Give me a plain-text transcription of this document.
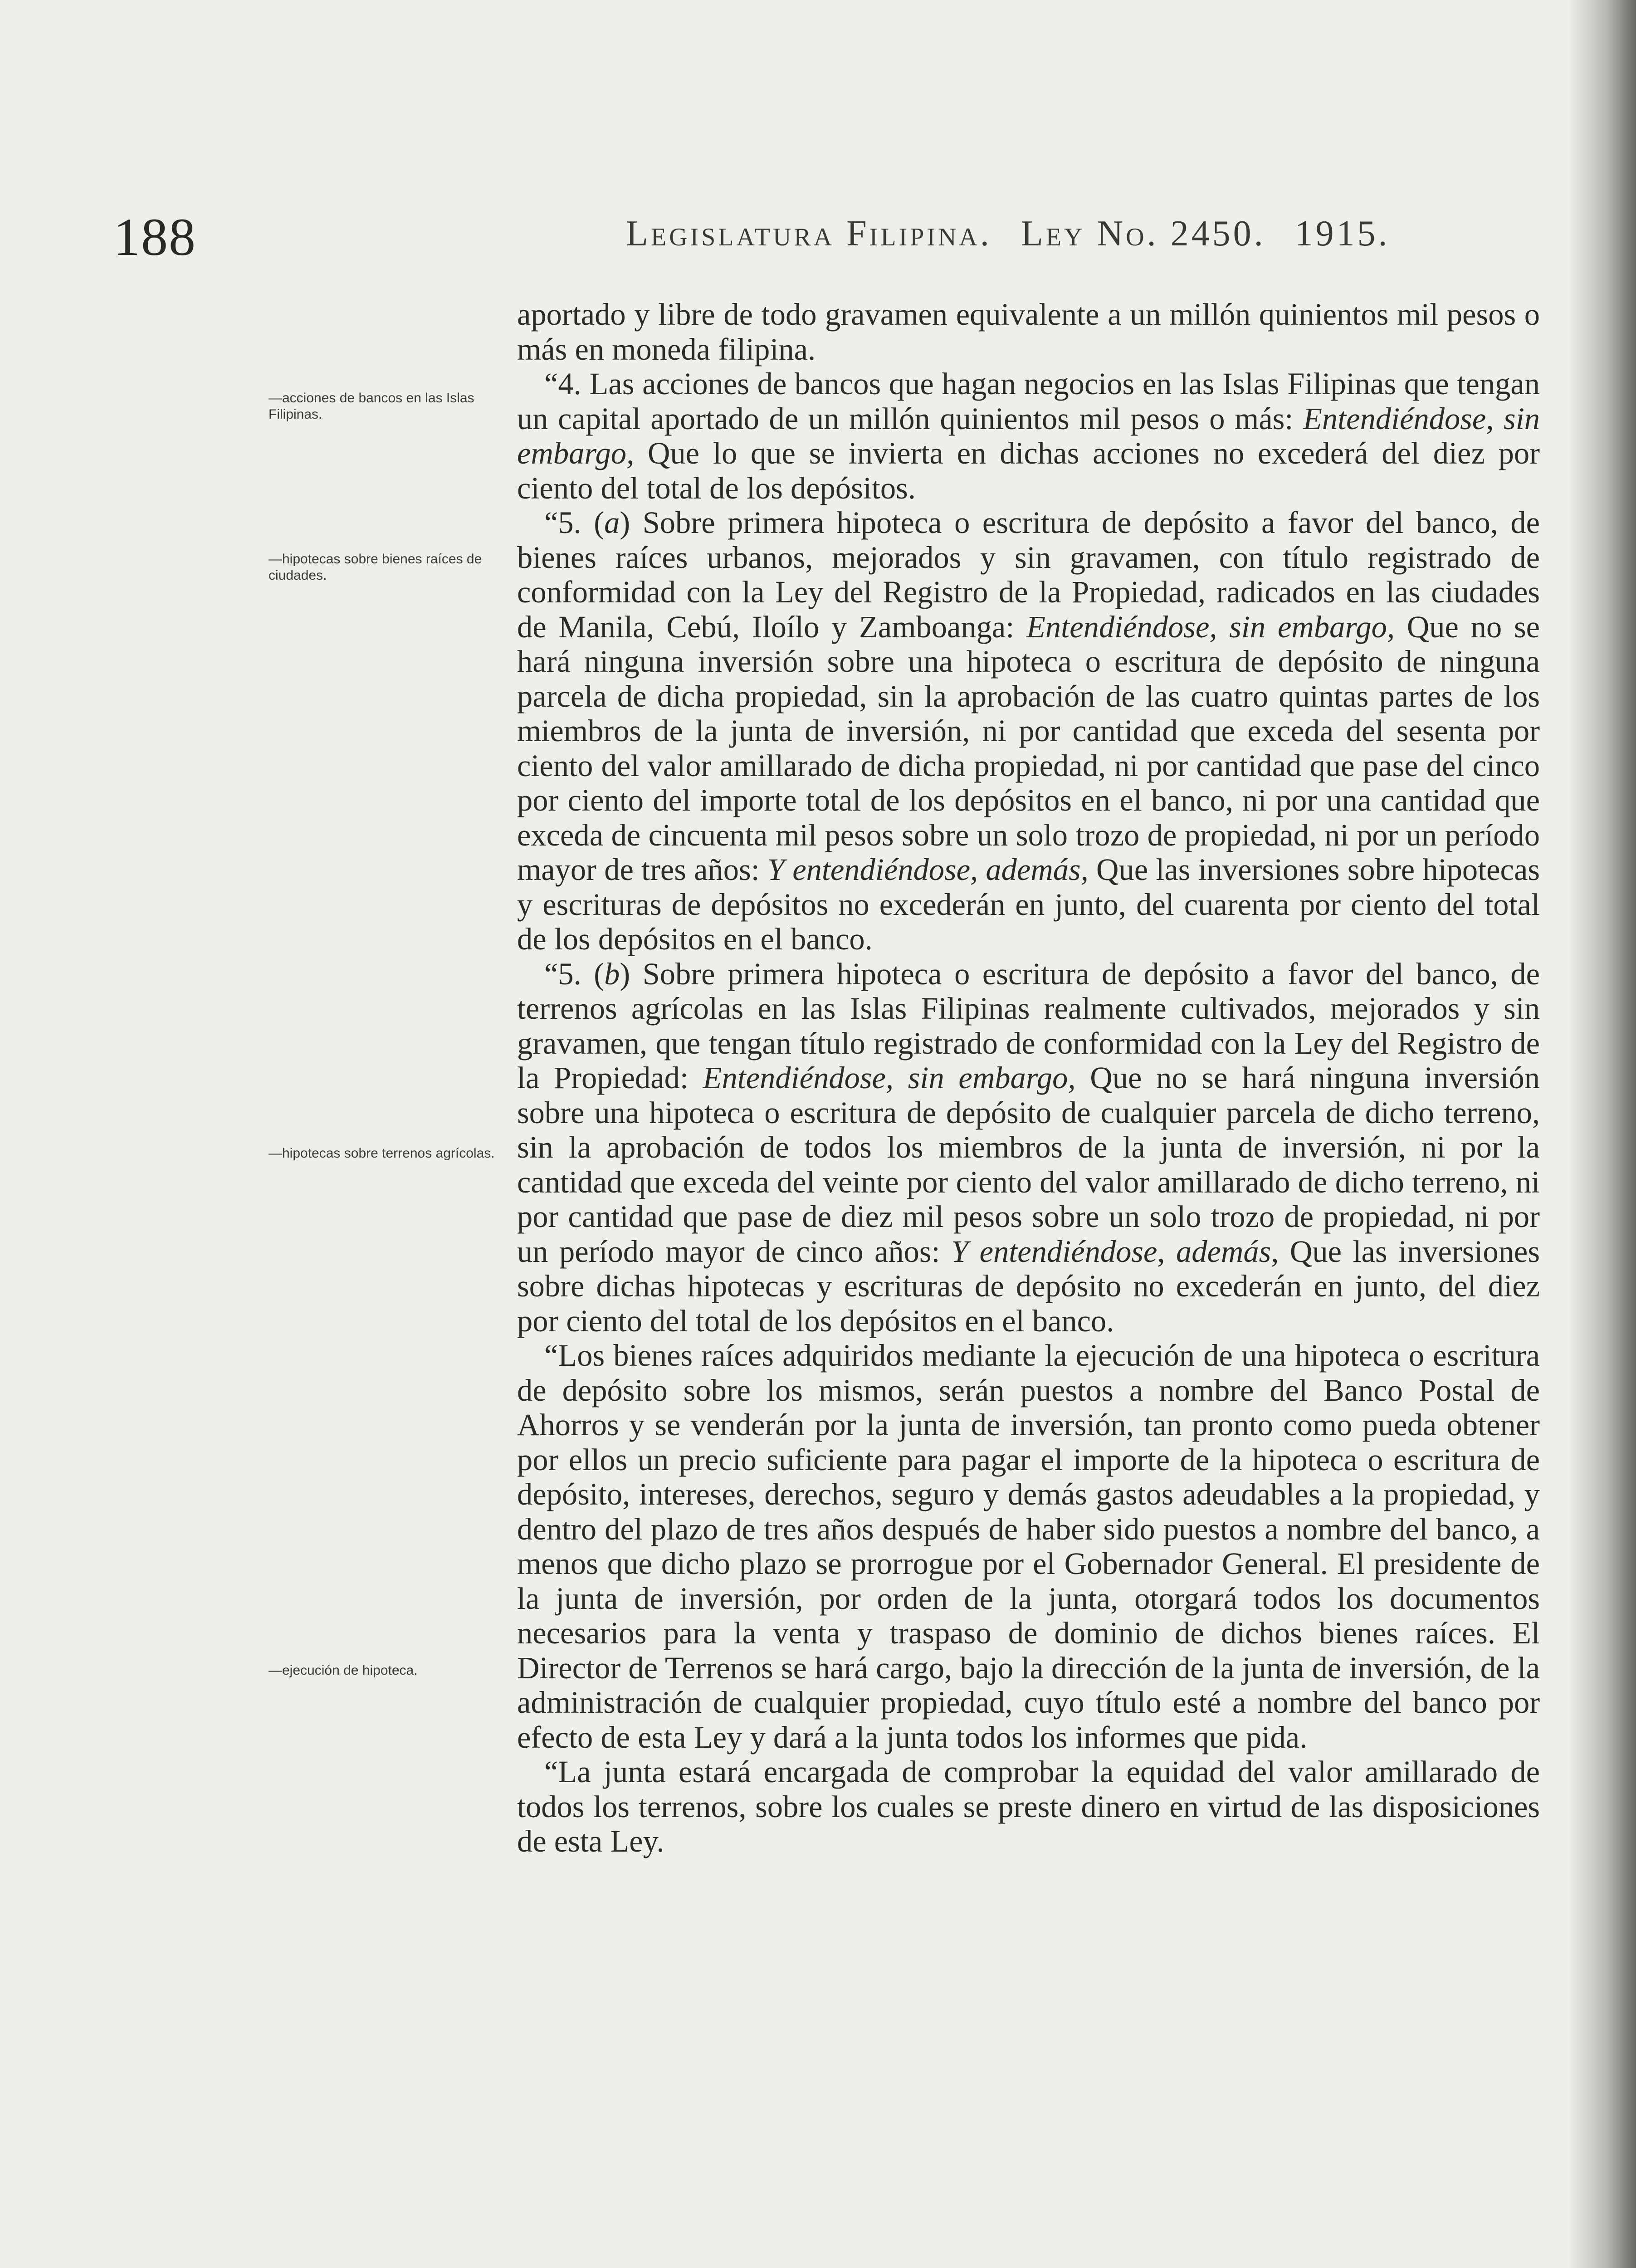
188	Legislatura Filipina. Ley No. 2450. 1915.
—acciones de bancos en las Islas Filipinas.
—hipotecas sobre bienes raíces de ciudades.
—hipotecas sobre terrenos agrícolas.
—ejecución de hipoteca.

aportado y libre de todo gravamen equivalente a un millón quinientos mil pesos o más en moneda filipina.

“4. Las acciones de bancos que hagan negocios en las Islas Filipinas que tengan un capital aportado de un millón quinientos mil pesos o más: Entendiéndose, sin embargo, Que lo que se invierta en dichas acciones no excederá del diez por ciento del total de los depósitos.

“5. (a) Sobre primera hipoteca o escritura de depósito a favor del banco, de bienes raíces urbanos, mejorados y sin gravamen, con título registrado de conformidad con la Ley del Registro de la Propiedad, radicados en las ciudades de Manila, Cebú, Iloílo y Zamboanga: Entendiéndose, sin embargo, Que no se hará ninguna inversión sobre una hipoteca o escritura de depósito de ninguna parcela de dicha propiedad, sin la aprobación de las cuatro quintas partes de los miembros de la junta de inversión, ni por cantidad que exceda del sesenta por ciento del valor amillarado de dicha propiedad, ni por cantidad que pase del cinco por ciento del importe total de los depósitos en el banco, ni por una cantidad que exceda de cincuenta mil pesos sobre un solo trozo de propiedad, ni por un período mayor de tres años: Y entendiéndose, además, Que las inversiones sobre hipotecas y escrituras de depósitos no excederán en junto, del cuarenta por ciento del total de los depósitos en el banco.

“5. (b) Sobre primera hipoteca o escritura de depósito a favor del banco, de terrenos agrícolas en las Islas Filipinas realmente cultivados, mejorados y sin gravamen, que tengan título registrado de conformidad con la Ley del Registro de la Propiedad: Entendiéndose, sin embargo, Que no se hará ninguna inversión sobre una hipoteca o escritura de depósito de cualquier parcela de dicho terreno, sin la aprobación de todos los miembros de la junta de inversión, ni por la cantidad que exceda del veinte por ciento del valor amillarado de dicho terreno, ni por cantidad que pase de diez mil pesos sobre un solo trozo de propiedad, ni por un período mayor de cinco años: Y entendiéndose, además, Que las inversiones sobre dichas hipotecas y escrituras de depósito no excederán en junto, del diez por ciento del total de los depósitos en el banco.

“Los bienes raíces adquiridos mediante la ejecución de una hipoteca o escritura de depósito sobre los mismos, serán puestos a nombre del Banco Postal de Ahorros y se venderán por la junta de inversión, tan pronto como pueda obtener por ellos un precio suficiente para pagar el importe de la hipoteca o escritura de depósito, intereses, derechos, seguro y demás gastos adeudables a la propiedad, y dentro del plazo de tres años después de haber sido puestos a nombre del banco, a menos que dicho plazo se prorrogue por el Gobernador General. El presidente de la junta de inversión, por orden de la junta, otorgará todos los documentos necesarios para la venta y traspaso de dominio de dichos bienes raíces. El Director de Terrenos se hará cargo, bajo la dirección de la junta de inversión, de la administración de cualquier propiedad, cuyo título esté a nombre del banco por efecto de esta Ley y dará a la junta todos los informes que pida.

“La junta estará encargada de comprobar la equidad del valor amillarado de todos los terrenos, sobre los cuales se preste dinero en virtud de las disposiciones de esta Ley.
